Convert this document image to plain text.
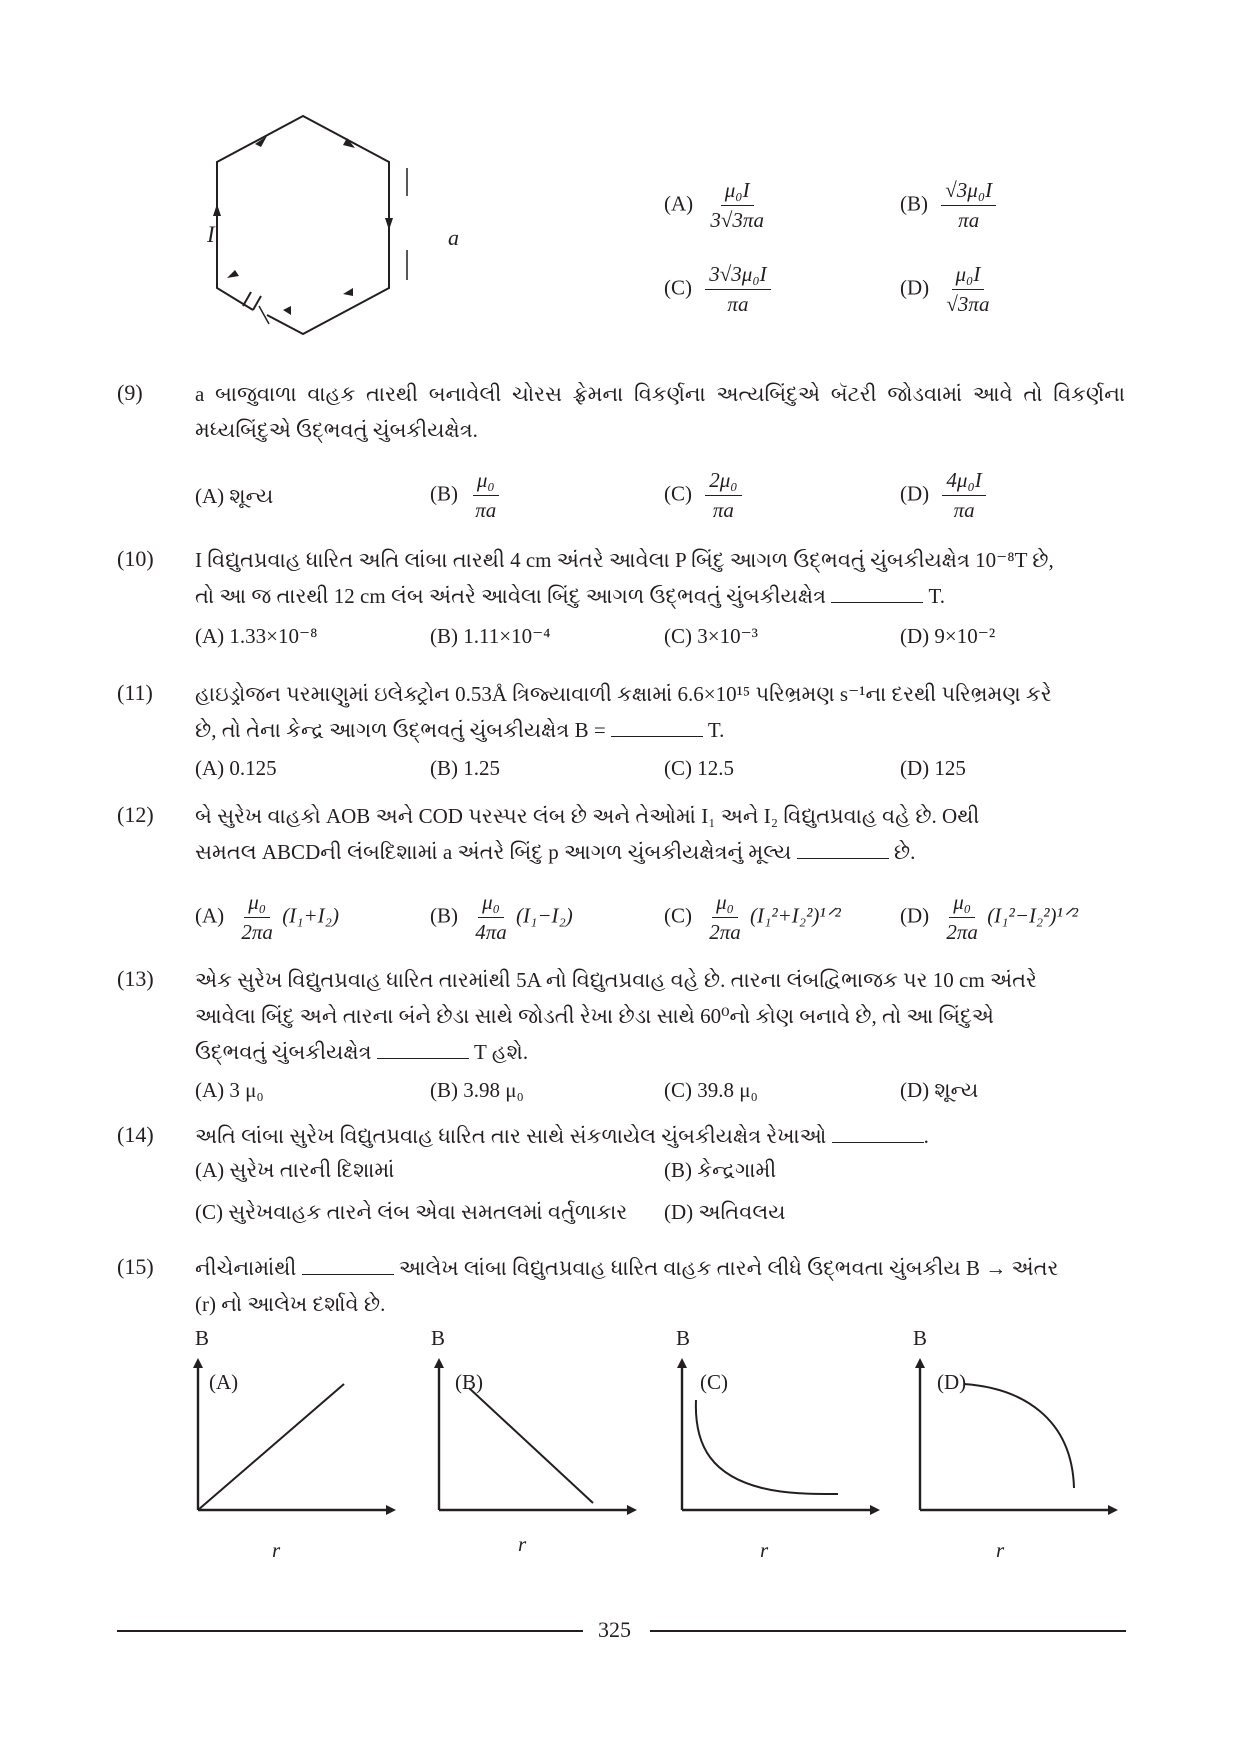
I	a
$(A) \frac{\text{μ₀I}}{3√3\pi a}$	$(B) \frac{\text{√3μ₀I}}{\pi a}$
$(C) \frac{\text{3√3μ₀I}}{\pi a}$	$(D) \frac{\text{μ₀I}}{√3\pi a}$
(9) a બાજુવાળા વાહક તારથી બનાવેલી ચોરસ ફ્રેમના વિકર્ણના અત્યબિંદુએ બૅટરી જોડવામાં આવે તો વિકર્ણના મધ્યબિંદુએ ઉદ્ભવતું ચુંબકીયક્ષેત્ર.
(A) શૂન્ય	$(B) \frac{\text{μ₀}}{\pi a}$	$(C) \frac{\text{2μ₀}}{\pi a}$	$(D) \frac{\text{4μ₀I}}{\pi a}$
(10) I વિદ્યુતપ્રવાહ ધારિત અતિ લાંબા તારથી 4 cm અંતરે આવેલા P બિંદુ આગળ ઉદ્ભવતું ચુંબકીયક્ષેત્ર 10⁻⁸T છે,
તો આ જ તારથી 12 cm લંબ અંતરે આવેલા બિંદુ આગળ ઉદ્ભવતું ચુંબકીયક્ષેત્ર	T.
(A) 1.33×10⁻⁸	(B) 1.11×10⁻⁴	(C) 3×10⁻³	(D) 9×10⁻²
(11) હાઇડ્રોજન પરમાણુમાં ઇલેક્ટ્રોન 0.53Å ત્રિજ્યાવાળી કક્ષામાં 6.6×10¹⁵ પરિભ્રમણ s⁻¹ના દરથી પરિભ્રમણ કરે
છે, તો તેના કેન્દ્ર આગળ ઉદ્ભવતું ચુંબકીયક્ષેત્ર B =	T.
(A) 0.125	(B) 1.25	(C) 12.5	(D) 125
(12) બે સુરેખ વાહકો AOB અને COD પરસ્પર લંબ છે અને તેઓમાં I₁ અને I₂ વિદ્યુતપ્રવાહ વહે છે. Oથી
સમતલ ABCDની લંબદિશામાં a અંતરે બિંદુ p આગળ ચુંબકીયક્ષેત્રનું મૂલ્ય	છે.
$(A) \frac{\text{μ₀}}{2\pi a} (I_1+I_2)$	$(B) \frac{\text{μ₀}}{4\pi a} (I_1-I_2)$	$(C) \frac{\text{μ₀}}{2\pi a}$ (I₁²+I₂²)¹ᐟ²	$(D) \frac{\text{μ₀}}{2\pi a}$ (I₁²−I₂²)¹ᐟ²
(13) એક સુરેખ વિદ્યુતપ્રવાહ ધારિત તારમાંથી 5A નો વિદ્યુતપ્રવાહ વહે છે. તારના લંબદ્વિભાજક પર 10 cm અંતરે
આવેલા બિંદુ અને તારના બંને છેડા સાથે જોડતી રેખા છેડા સાથે 60⁰નો કોણ બનાવે છે, તો આ બિંદુએ
ઉદ્ભવતું ચુંબકીયક્ષેત્ર	T હશે.
(A) 3 μ₀	(B) 3.98 μ₀	(C) 39.8 μ₀	(D) શૂન્ય
(14) અતિ લાંબા સુરેખ વિદ્યુતપ્રવાહ ધારિત તાર સાથે સંકળાયેલ ચુંબકીયક્ષેત્ર રેખાઓ	.
(A) સુરેખ તારની દિશામાં	(B) કેન્દ્રગામી
(C) સુરેખવાહક તારને લંબ એવા સમતલમાં વર્તુળાકાર (D) અતિવલય
(15) નીચેનામાંથી	આલેખ લાંબા વિદ્યુતપ્રવાહ ધારિત વાહક તારને લીધે ઉદ્ભવતા ચુંબકીય B → અંતર
(r) નો આલેખ દર્શાવે છે.
B
(A)
r
B
(B)
r
B
(C)
r
B
(D)
r
325
